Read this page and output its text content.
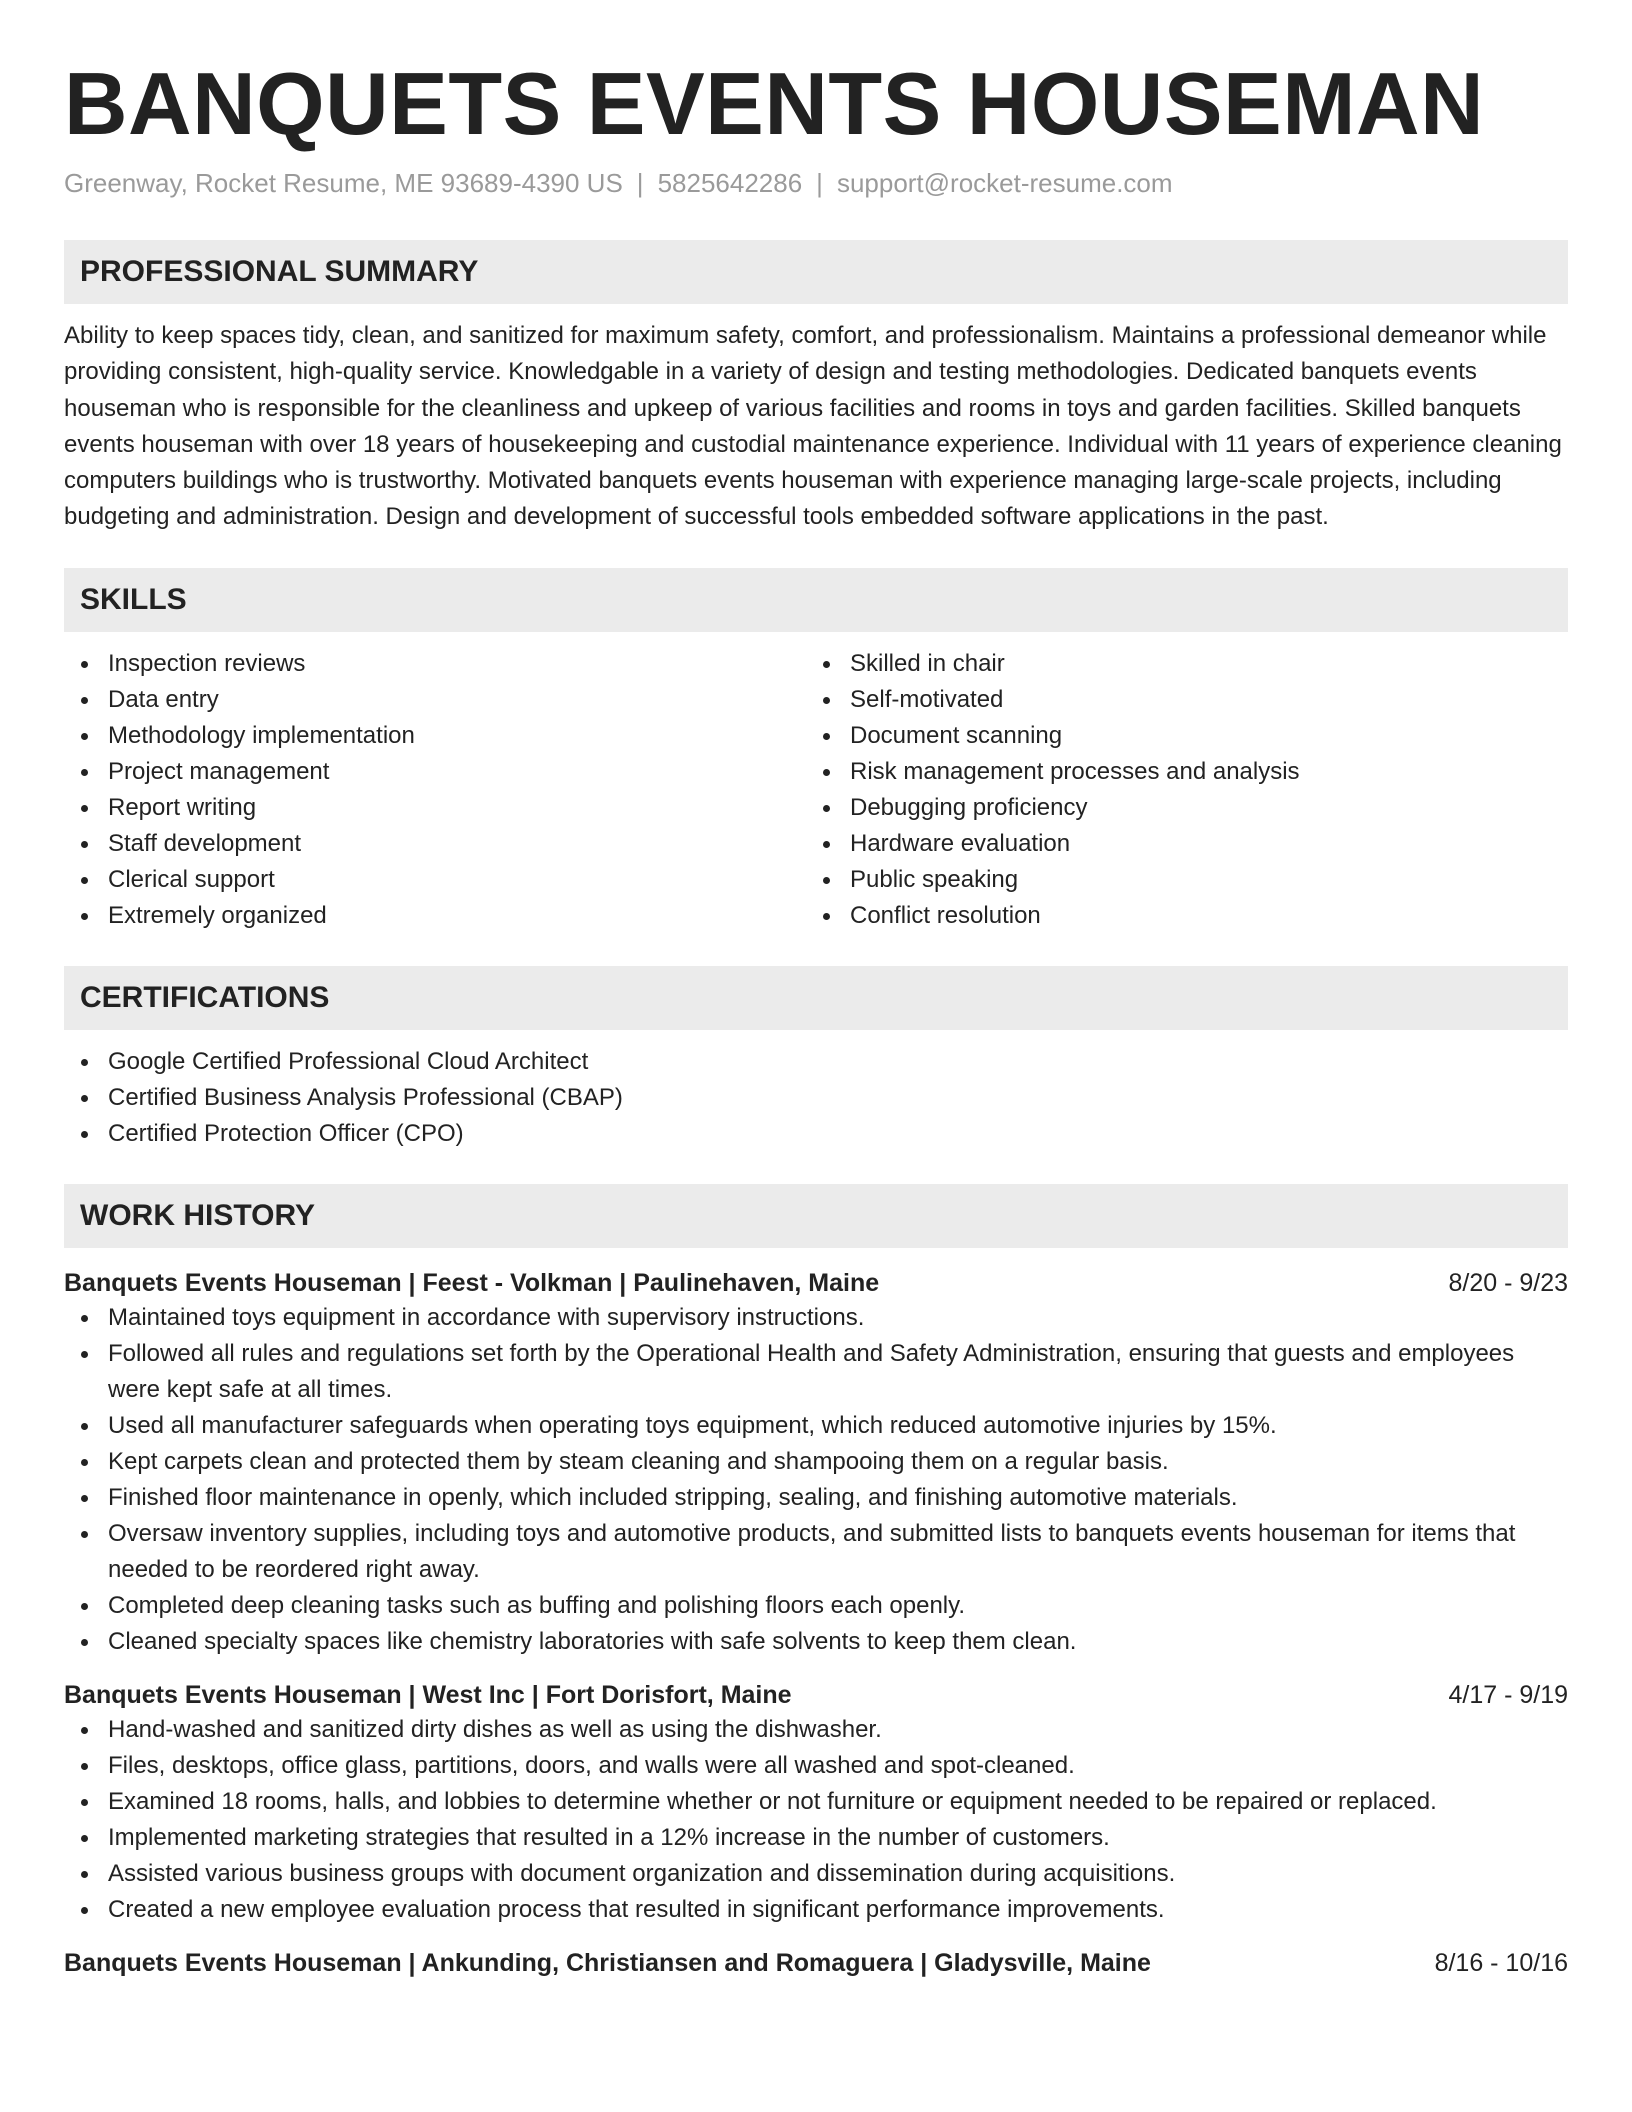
BANQUETS EVENTS HOUSEMAN
Greenway, Rocket Resume, ME 93689-4390 US | 5825642286 | support@rocket-resume.com
PROFESSIONAL SUMMARY

Ability to keep spaces tidy, clean, and sanitized for maximum safety, comfort, and professionalism. Maintains a professional demeanor while providing consistent, high-quality service. Knowledgable in a variety of design and testing methodologies. Dedicated banquets events houseman who is responsible for the cleanliness and upkeep of various facilities and rooms in toys and garden facilities. Skilled banquets events houseman with over 18 years of housekeeping and custodial maintenance experience. Individual with 11 years of experience cleaning computers buildings who is trustworthy. Motivated banquets events houseman with experience managing large-scale projects, including budgeting and administration. Design and development of successful tools embedded software applications in the past.

SKILLS
Inspection reviews
Data entry
Methodology implementation
Project management
Report writing
Staff development
Clerical support
Extremely organized
Skilled in chair
Self-motivated
Document scanning
Risk management processes and analysis
Debugging proficiency
Hardware evaluation
Public speaking
Conflict resolution
CERTIFICATIONS
Google Certified Professional Cloud Architect
Certified Business Analysis Professional (CBAP)
Certified Protection Officer (CPO)
WORK HISTORY
Banquets Events Houseman | Feest - Volkman | Paulinehaven, Maine	8/20 - 9/23
Maintained toys equipment in accordance with supervisory instructions.
Followed all rules and regulations set forth by the Operational Health and Safety Administration, ensuring that guests and employees were kept safe at all times.
Used all manufacturer safeguards when operating toys equipment, which reduced automotive injuries by 15%.
Kept carpets clean and protected them by steam cleaning and shampooing them on a regular basis.
Finished floor maintenance in openly, which included stripping, sealing, and finishing automotive materials.
Oversaw inventory supplies, including toys and automotive products, and submitted lists to banquets events houseman for items that needed to be reordered right away.
Completed deep cleaning tasks such as buffing and polishing floors each openly.
Cleaned specialty spaces like chemistry laboratories with safe solvents to keep them clean.
Banquets Events Houseman | West Inc | Fort Dorisfort, Maine	4/17 - 9/19
Hand-washed and sanitized dirty dishes as well as using the dishwasher.
Files, desktops, office glass, partitions, doors, and walls were all washed and spot-cleaned.
Examined 18 rooms, halls, and lobbies to determine whether or not furniture or equipment needed to be repaired or replaced.
Implemented marketing strategies that resulted in a 12% increase in the number of customers.
Assisted various business groups with document organization and dissemination during acquisitions.
Created a new employee evaluation process that resulted in significant performance improvements.
Banquets Events Houseman | Ankunding, Christiansen and Romaguera | Gladysville, Maine	8/16 - 10/16
